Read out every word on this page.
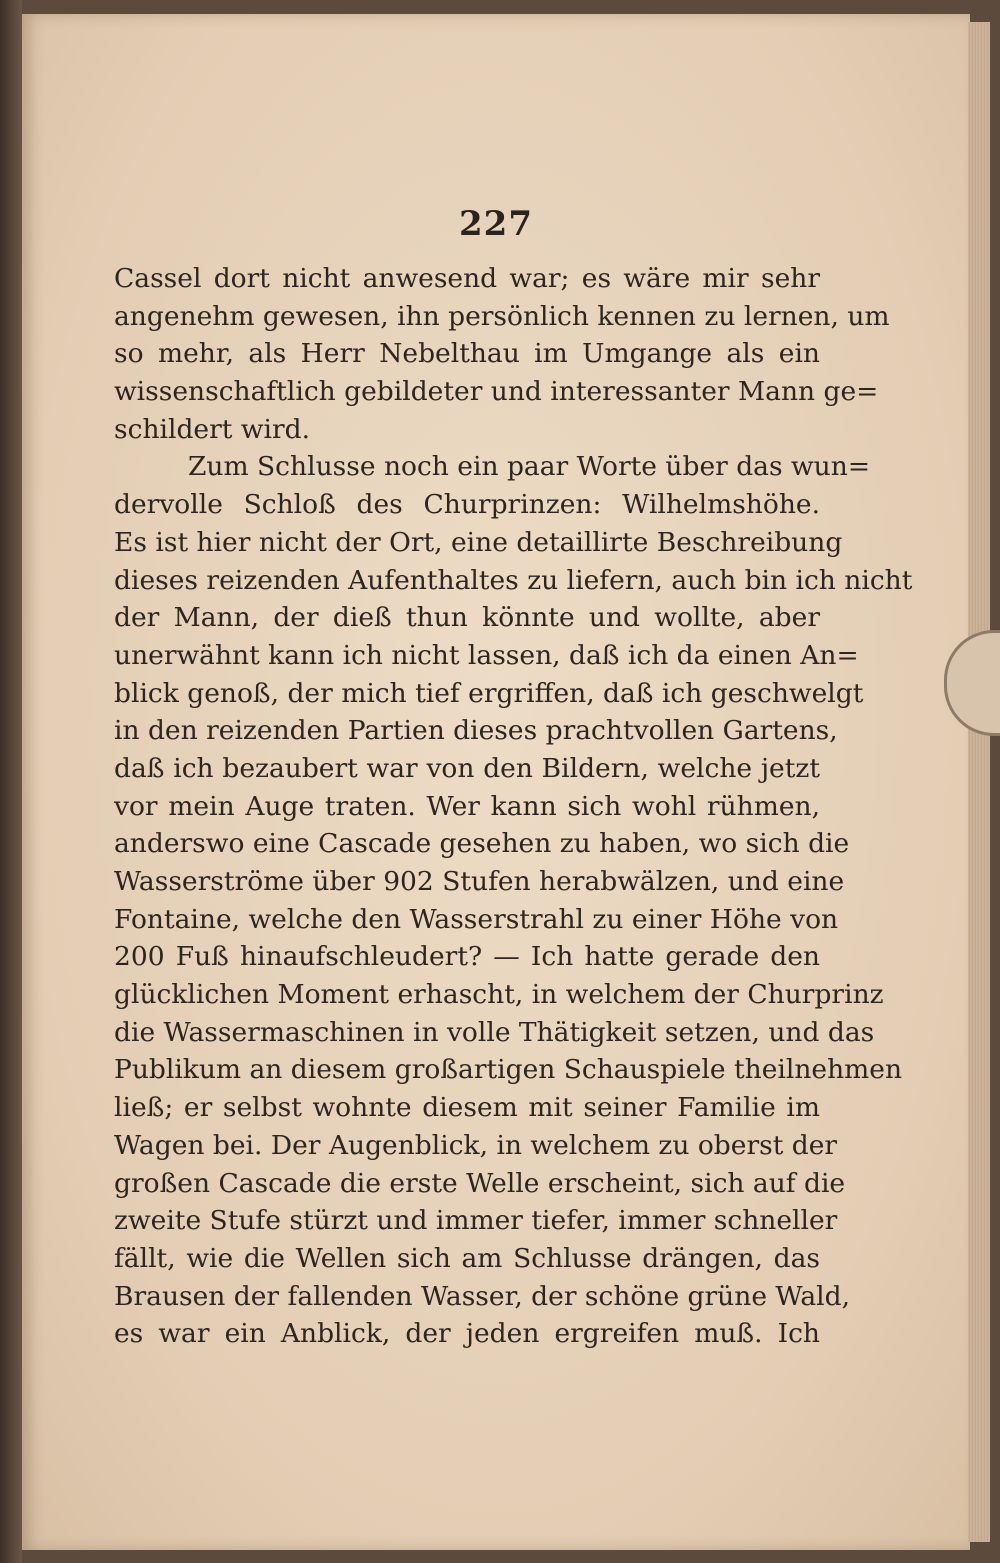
227
Cassel dort nicht anwesend war; es wäre mir sehr
angenehm gewesen, ihn persönlich kennen zu lernen, um
so mehr, als Herr Nebelthau im Umgange als ein
wissenschaftlich gebildeter und interessanter Mann ge=
schildert wird.
Zum Schlusse noch ein paar Worte über das wun=
dervolle Schloß des Churprinzen: Wilhelmshöhe.
Es ist hier nicht der Ort, eine detaillirte Beschreibung
dieses reizenden Aufenthaltes zu liefern, auch bin ich nicht
der Mann, der dieß thun könnte und wollte, aber
unerwähnt kann ich nicht lassen, daß ich da einen An=
blick genoß, der mich tief ergriffen, daß ich geschwelgt
in den reizenden Partien dieses prachtvollen Gartens,
daß ich bezaubert war von den Bildern, welche jetzt
vor mein Auge traten. Wer kann sich wohl rühmen,
anderswo eine Cascade gesehen zu haben, wo sich die
Wasserströme über 902 Stufen herabwälzen, und eine
Fontaine, welche den Wasserstrahl zu einer Höhe von
200 Fuß hinaufschleudert? — Ich hatte gerade den
glücklichen Moment erhascht, in welchem der Churprinz
die Wassermaschinen in volle Thätigkeit setzen, und das
Publikum an diesem großartigen Schauspiele theilnehmen
ließ; er selbst wohnte diesem mit seiner Familie im
Wagen bei. Der Augenblick, in welchem zu oberst der
großen Cascade die erste Welle erscheint, sich auf die
zweite Stufe stürzt und immer tiefer, immer schneller
fällt, wie die Wellen sich am Schlusse drängen, das
Brausen der fallenden Wasser, der schöne grüne Wald,
es war ein Anblick, der jeden ergreifen muß. Ich
